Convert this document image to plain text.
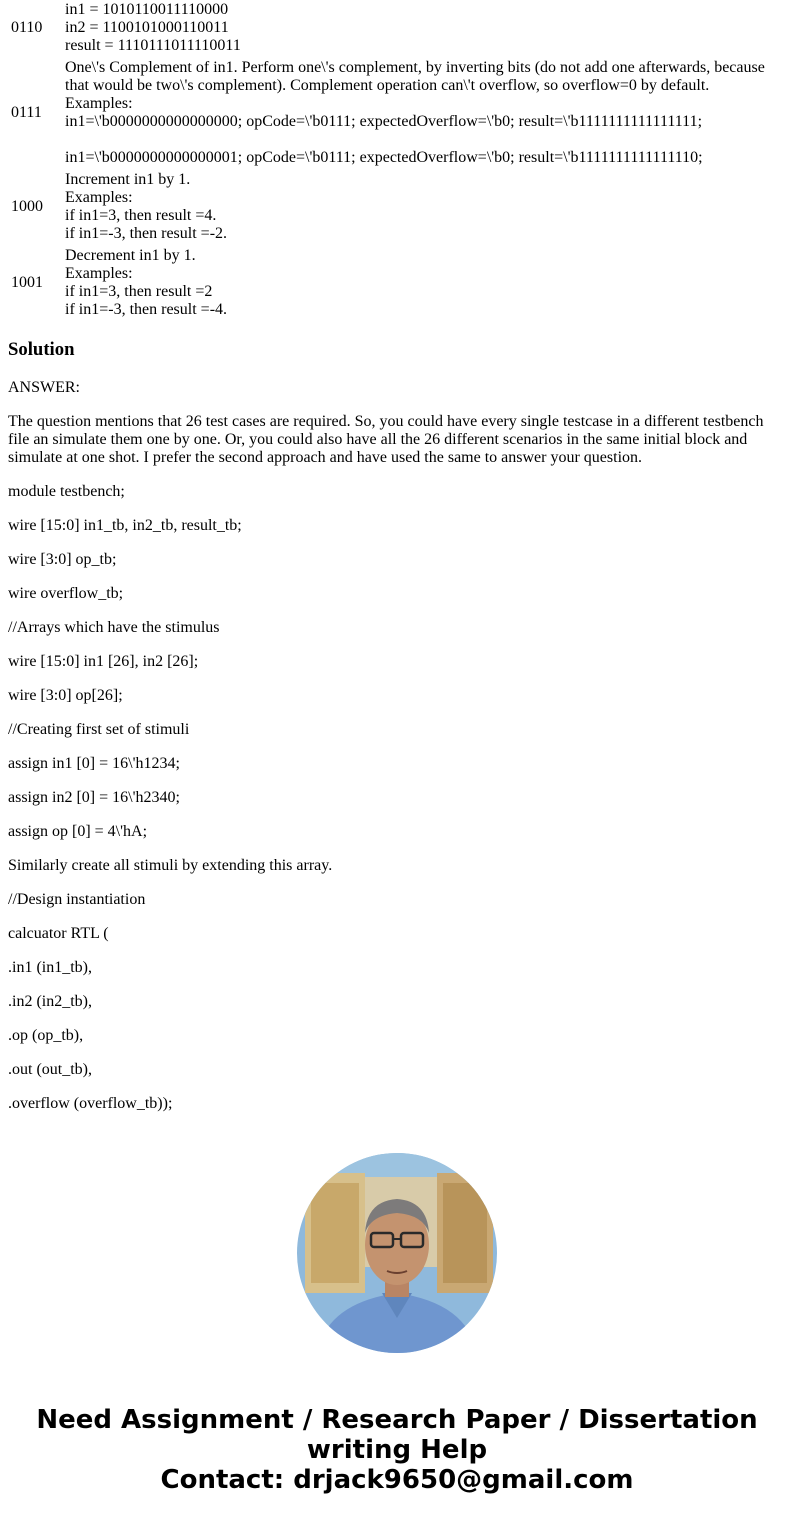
0110	in1 = 1010110011110000
in2 = 1100101000110011
result = 1110111011110011

0111	One\'s Complement of in1. Perform one\'s complement, by inverting bits (do not add one afterwards, because
that would be two\'s complement). Complement operation can\'t overflow, so overflow=0 by default.
Examples:
in1=\'b0000000000000000; opCode=\'b0111; expectedOverflow=\'b0; result=\'b1111111111111111;
in1=\'b0000000000000001; opCode=\'b0111; expectedOverflow=\'b0; result=\'b1111111111111110;

1000	Increment in1 by 1.
Examples:
if in1=3, then result =4.
if in1=-3, then result =-2.

1001	Decrement in1 by 1.
Examples:
if in1=3, then result =2
if in1=-3, then result =-4.
Solution

ANSWER:

The question mentions that 26 test cases are required. So, you could have every single testcase in a different testbench file an simulate them one by one. Or, you could also have all the 26 different scenarios in the same initial block and simulate at one shot. I prefer the second approach and have used the same to answer your question.

module testbench;

wire [15:0] in1_tb, in2_tb, result_tb;

wire [3:0] op_tb;

wire overflow_tb;

//Arrays which have the stimulus

wire [15:0] in1 [26], in2 [26];

wire [3:0] op[26];

//Creating first set of stimuli

assign in1 [0] = 16\'h1234;

assign in2 [0] = 16\'h2340;

assign op [0] = 4\'hA;

Similarly create all stimuli by extending this array.

//Design instantiation

calcuator RTL (

.in1 (in1_tb),

.in2 (in2_tb),

.op (op_tb),

.out (out_tb),

.overflow (overflow_tb));

Need Assignment / Research Paper / Dissertation
writing Help
Contact: drjack9650@gmail.com
